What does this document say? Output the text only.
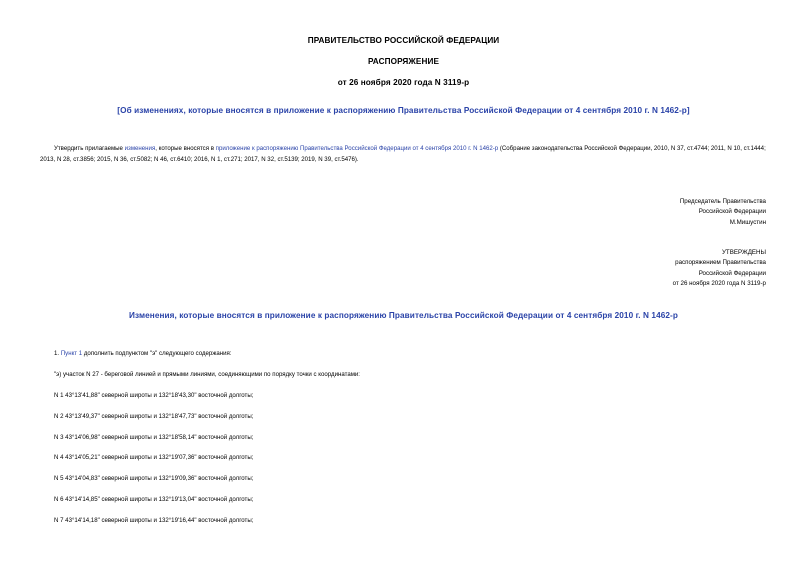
ПРАВИТЕЛЬСТВО РОССИЙСКОЙ ФЕДЕРАЦИИ
РАСПОРЯЖЕНИЕ
от 26 ноября 2020 года N 3119-р
[Об изменениях, которые вносятся в приложение к распоряжению Правительства Российской Федерации от 4 сентября 2010 г. N 1462-р]
Утвердить прилагаемые изменения, которые вносятся в приложение к распоряжению Правительства Российской Федерации от 4 сентября 2010 г. N 1462-р (Собрание законодательства Российской Федерации, 2010, N 37, ст.4744; 2011, N 10, ст.1444; 2013, N 28, ст.3856; 2015, N 36, ст.5082; N 46, ст.6410; 2016, N 1, ст.271; 2017, N 32, ст.5139; 2019, N 39, ст.5476).
Председатель Правительства
Российской Федерации
М.Мишустин
УТВЕРЖДЕНЫ
распоряжением Правительства
Российской Федерации
от 26 ноября 2020 года N 3119-р
Изменения, которые вносятся в приложение к распоряжению Правительства Российской Федерации от 4 сентября 2010 г. N 1462-р
1. Пункт 1 дополнить подпунктом "э" следующего содержания:
"э) участок N 27 - береговой линией и прямыми линиями, соединяющими по порядку точки с координатами:
N 1 43°13'41,88" северной широты и 132°18'43,30" восточной долготы;
N 2 43°13'49,37" северной широты и 132°18'47,73" восточной долготы;
N 3 43°14'06,98" северной широты и 132°18'58,14" восточной долготы;
N 4 43°14'05,21" северной широты и 132°19'07,36" восточной долготы;
N 5 43°14'04,83" северной широты и 132°19'09,36" восточной долготы;
N 6 43°14'14,85" северной широты и 132°19'13,04" восточной долготы;
N 7 43°14'14,18" северной широты и 132°19'16,44" восточной долготы;
